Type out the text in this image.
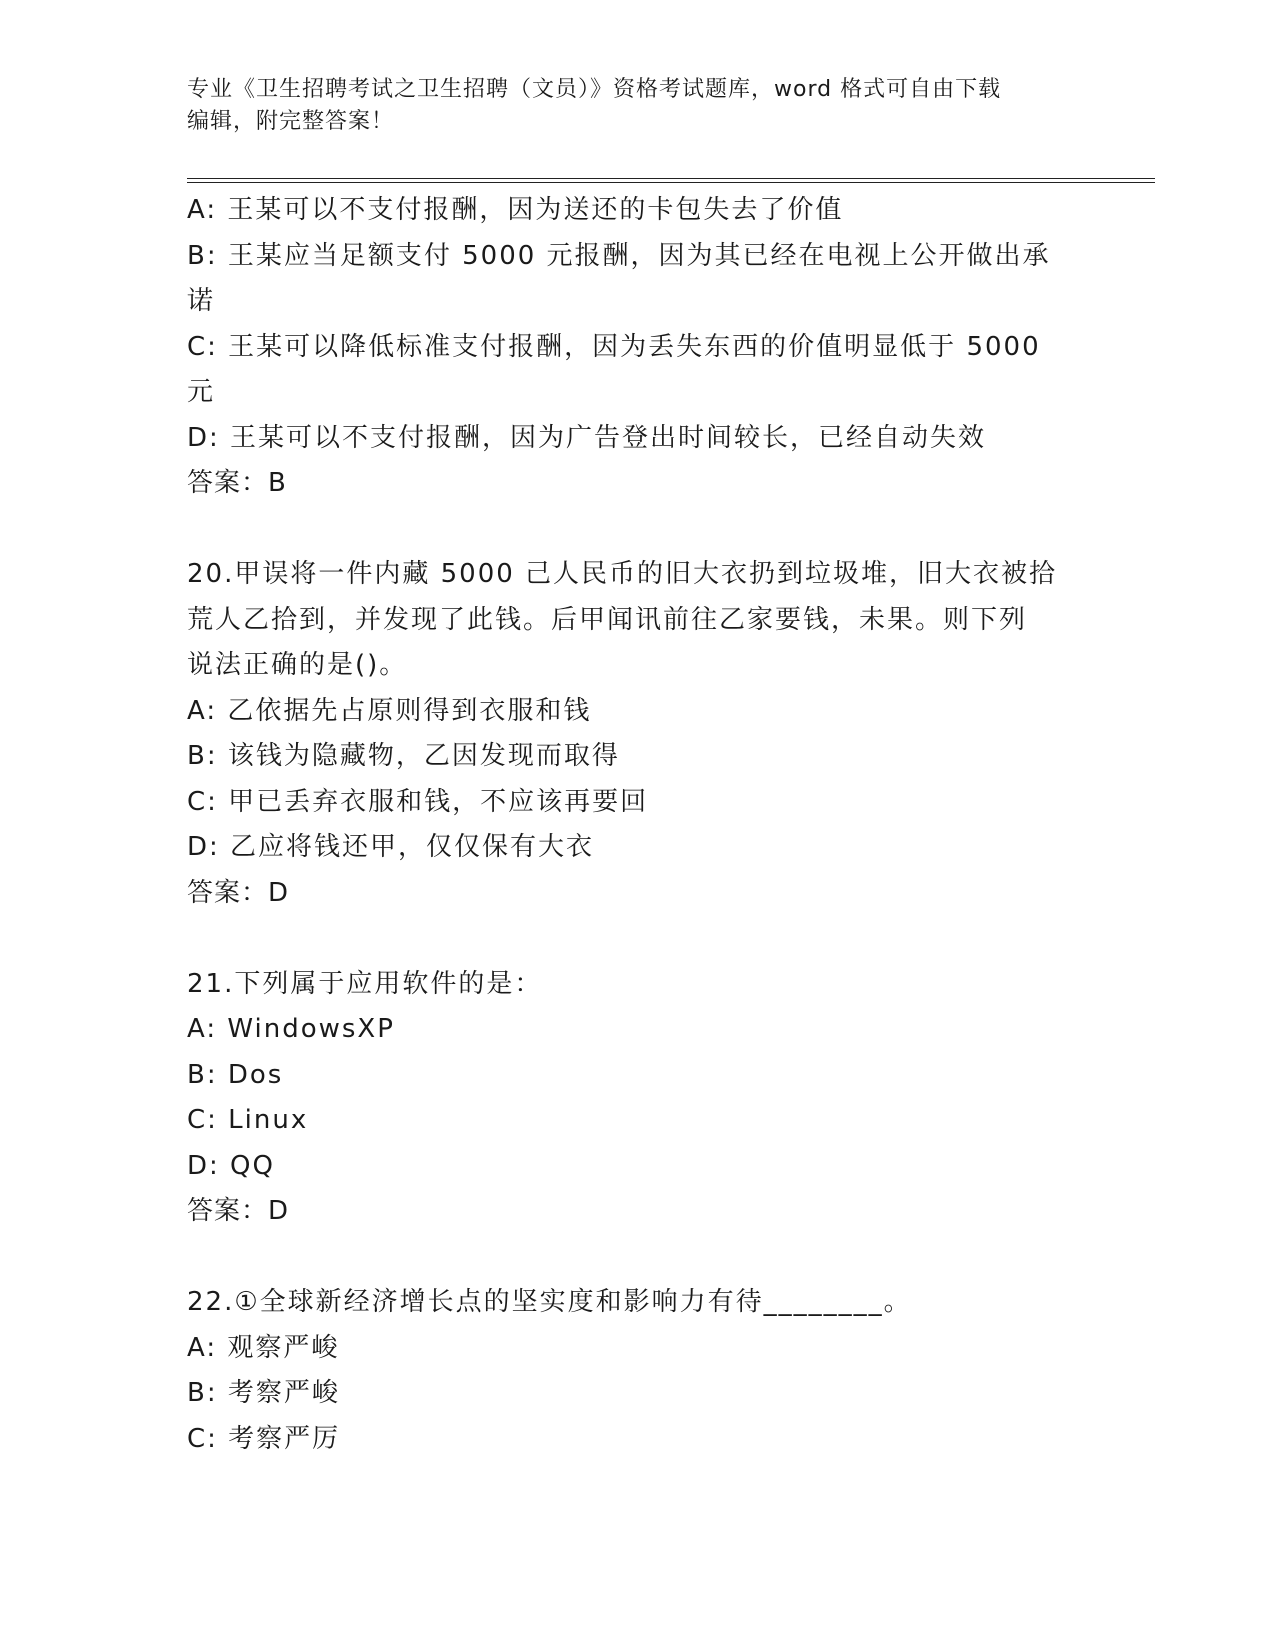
专业《卫生招聘考试之卫生招聘（文员）》资格考试题库，word 格式可自由下载
编辑，附完整答案！
A: 王某可以不支付报酬，因为送还的卡包失去了价值
B: 王某应当足额支付 5000 元报酬，因为其已经在电视上公开做出承
诺
C: 王某可以降低标准支付报酬，因为丢失东西的价值明显低于 5000
元
D: 王某可以不支付报酬，因为广告登出时间较长，已经自动失效
答案：B
20.甲误将一件内藏 5000 己人民币的旧大衣扔到垃圾堆，旧大衣被拾
荒人乙拾到，并发现了此钱。后甲闻讯前往乙家要钱，未果。则下列
说法正确的是()。
A: 乙依据先占原则得到衣服和钱
B: 该钱为隐藏物，乙因发现而取得
C: 甲已丢弃衣服和钱，不应该再要回
D: 乙应将钱还甲，仅仅保有大衣
答案：D
21.下列属于应用软件的是：
A: WindowsXP
B: Dos
C: Linux
D: QQ
答案：D
22.①全球新经济增长点的坚实度和影响力有待________。
A: 观察严峻
B: 考察严峻
C: 考察严厉
